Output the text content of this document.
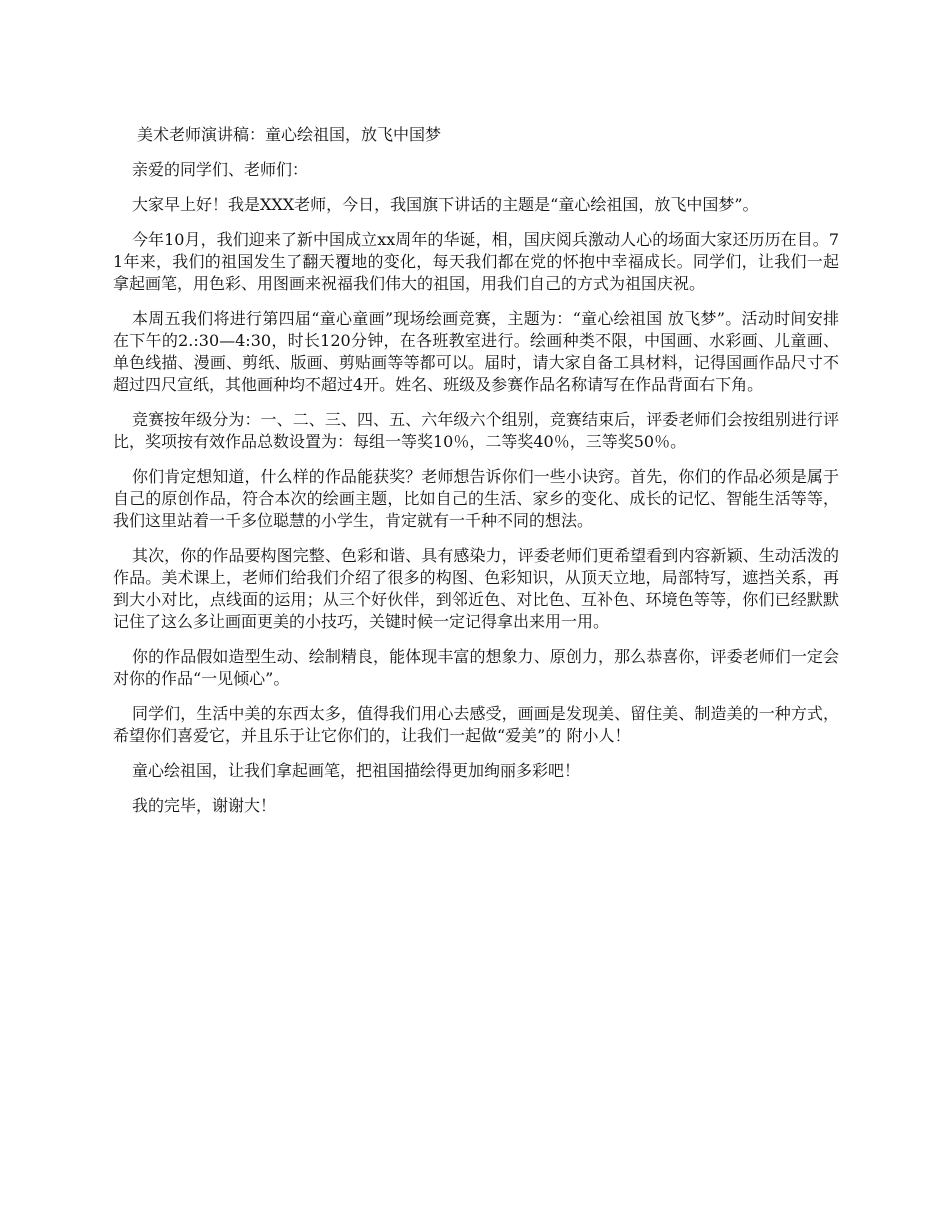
美术老师演讲稿：童心绘祖国，放飞中国梦

亲爱的同学们、老师们：

大家早上好！我是XXX老师，今日，我国旗下讲话的主题是“童心绘祖国，放飞中国梦”。

今年10月，我们迎来了新中国成立xx周年的华诞，相，国庆阅兵激动人心的场面大家还历历在目。71年来，我们的祖国发生了翻天覆地的变化，每天我们都在党的怀抱中幸福成长。同学们，让我们一起拿起画笔，用色彩、用图画来祝福我们伟大的祖国，用我们自己的方式为祖国庆祝。

本周五我们将进行第四届“童心童画”现场绘画竞赛，主题为：“童心绘祖国 放飞梦”。活动时间安排在下午的2.:30—4:30，时长120分钟，在各班教室进行。绘画种类不限，中国画、水彩画、儿童画、单色线描、漫画、剪纸、版画、剪贴画等等都可以。届时，请大家自备工具材料，记得国画作品尺寸不超过四尺宣纸，其他画种均不超过4开。姓名、班级及参赛作品名称请写在作品背面右下角。

竞赛按年级分为：一、二、三、四、五、六年级六个组别，竞赛结束后，评委老师们会按组别进行评比，奖项按有效作品总数设置为：每组一等奖10％，二等奖40％，三等奖50％。

你们肯定想知道，什么样的作品能获奖？老师想告诉你们一些小诀窍。首先，你们的作品必须是属于自己的原创作品，符合本次的绘画主题，比如自己的生活、家乡的变化、成长的记忆、智能生活等等，我们这里站着一千多位聪慧的小学生，肯定就有一千种不同的想法。

其次，你的作品要构图完整、色彩和谐、具有感染力，评委老师们更希望看到内容新颖、生动活泼的作品。美术课上，老师们给我们介绍了很多的构图、色彩知识，从顶天立地，局部特写，遮挡关系，再到大小对比，点线面的运用；从三个好伙伴，到邻近色、对比色、互补色、环境色等等，你们已经默默记住了这么多让画面更美的小技巧，关键时候一定记得拿出来用一用。

你的作品假如造型生动、绘制精良，能体现丰富的想象力、原创力，那么恭喜你，评委老师们一定会对你的作品“一见倾心”。

同学们，生活中美的东西太多，值得我们用心去感受，画画是发现美、留住美、制造美的一种方式，希望你们喜爱它，并且乐于让它你们的，让我们一起做“爱美”的 附小人！

童心绘祖国，让我们拿起画笔，把祖国描绘得更加绚丽多彩吧！

我的完毕，谢谢大！
